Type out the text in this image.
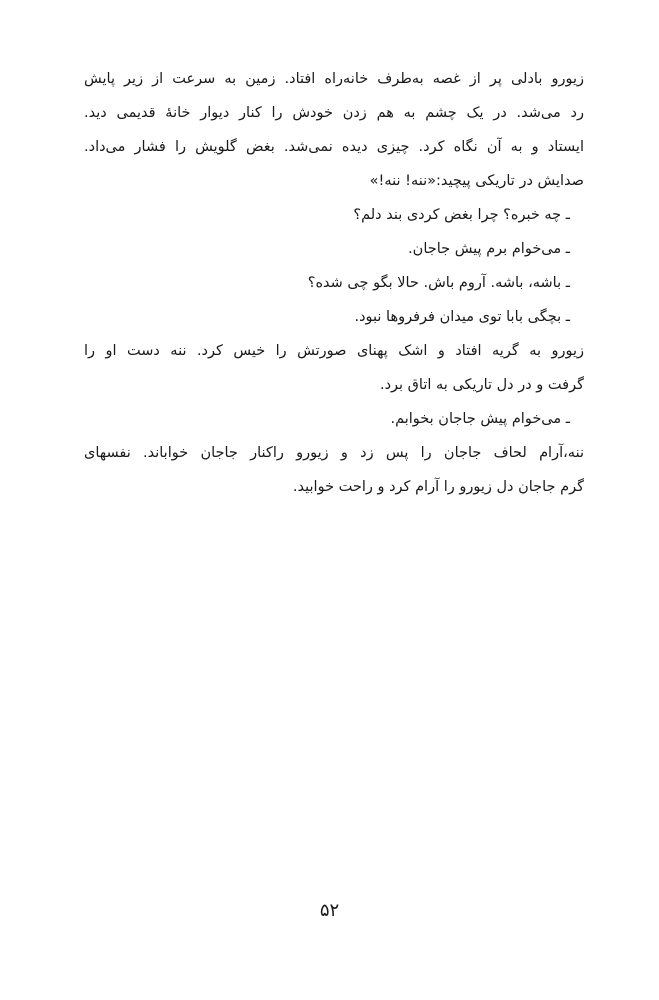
زیورو بادلی پر از غصه به‌طرف خانه‌راه افتاد. زمین به سرعت از زیر پایش
رد می‌شد. در یک چشم به هم زدن خودش را کنار دیوار خانهٔ قدیمی دید.
ایستاد و به آن نگاه کرد. چیزی دیده نمی‌شد. بغض گلویش را فشار می‌داد.
صدایش در تاریکی پیچید:«ننه! ننه!»
ـ چه خبره؟ چرا بغض کردی بند دلم؟
ـ می‌خوام برم پیش جاجان.
ـ باشه، باشه. آروم باش. حالا بگو چی شده؟
ـ بچگی بابا توی میدان فرفروها نبود.
زیورو به گریه افتاد و اشک پهنای صورتش را خیس کرد. ننه دست او را
گرفت و در دل تاریکی به اتاق برد.
ـ می‌خوام پیش جاجان بخوابم.
ننه،آرام لحاف جاجان را پس زد و زیورو راکنار جاجان خواباند. نفسهای
گرم جاجان دل زیورو را آرام کرد و راحت خوابید.
۵۲
